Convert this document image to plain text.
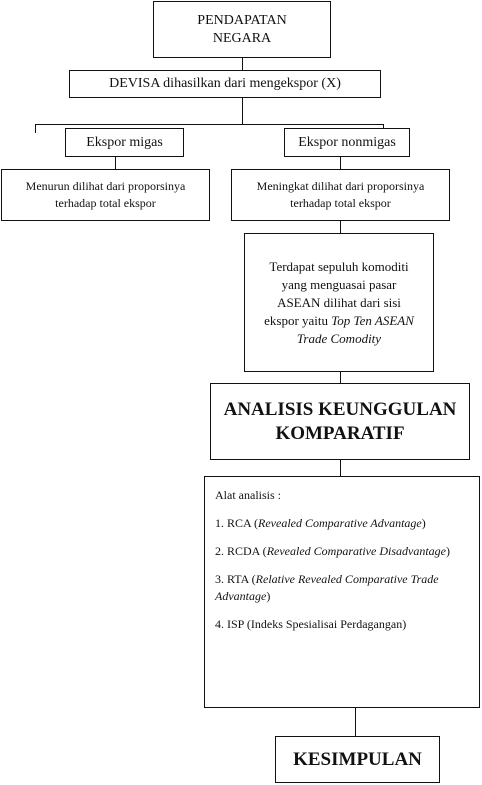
PENDAPATAN
NEGARA
DEVISA dihasilkan dari mengekspor (X)
Ekspor migas	Ekspor nonmigas
Menurun dilihat dari proporsinya
terhadap total ekspor
Meningkat dilihat dari proporsinya
terhadap total ekspor
Terdapat sepuluh komoditi
yang menguasai pasar
ASEAN dilihat dari sisi
ekspor yaitu Top Ten ASEAN
Trade Comodity
ANALISIS KEUNGGULAN
KOMPARATIF
Alat analisis :
1. RCA (Revealed Comparative Advantage)
2. RCDA (Revealed Comparative Disadvantage)
3. RTA (Relative Revealed Comparative Trade Advantage)
4. ISP (Indeks Spesialisai Perdagangan)
KESIMPULAN
